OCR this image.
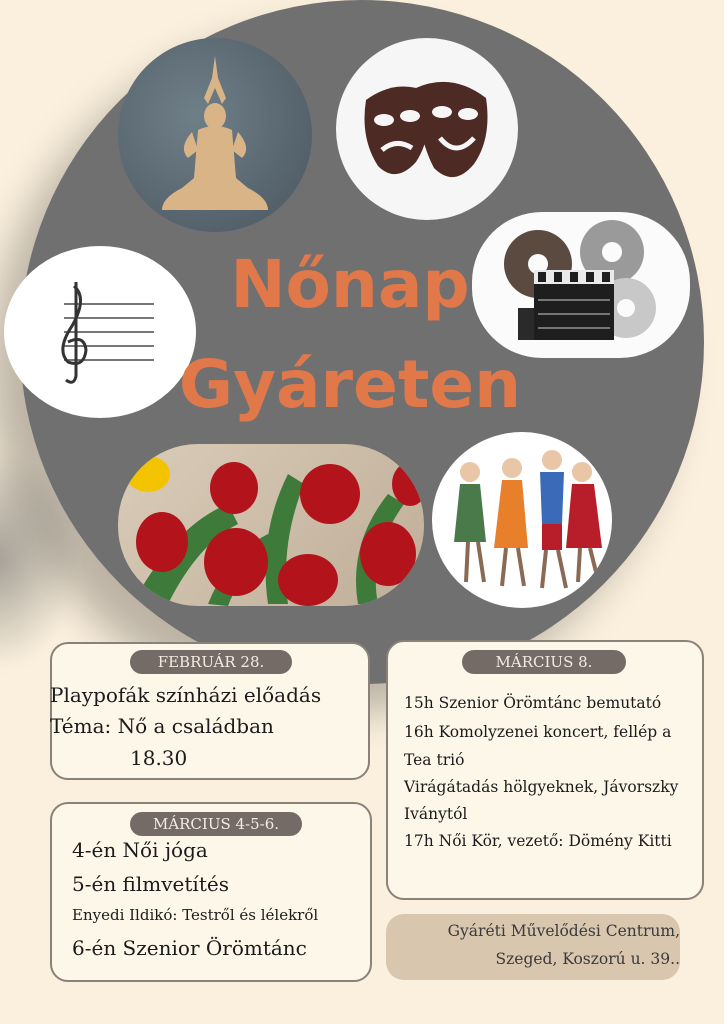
Nőnap
Gyáreten
FEBRUÁR 28.
Playpofák színházi előadás
Téma: Nő a családban
18.30
MÁRCIUS 8.
15h Szenior Örömtánc bemutató
16h Komolyzenei koncert, fellép a
Tea trió
Virágátadás hölgyeknek, Jávorszky
Iványtól
17h Női Kör, vezető: Dömény Kitti
MÁRCIUS 4-5-6.
4-én Női jóga
5-én filmvetítés
Enyedi Ildikó: Testről és lélekről
6-én Szenior Örömtánc
Gyáréti Művelődési Centrum,
Szeged, Koszorú u. 39..
